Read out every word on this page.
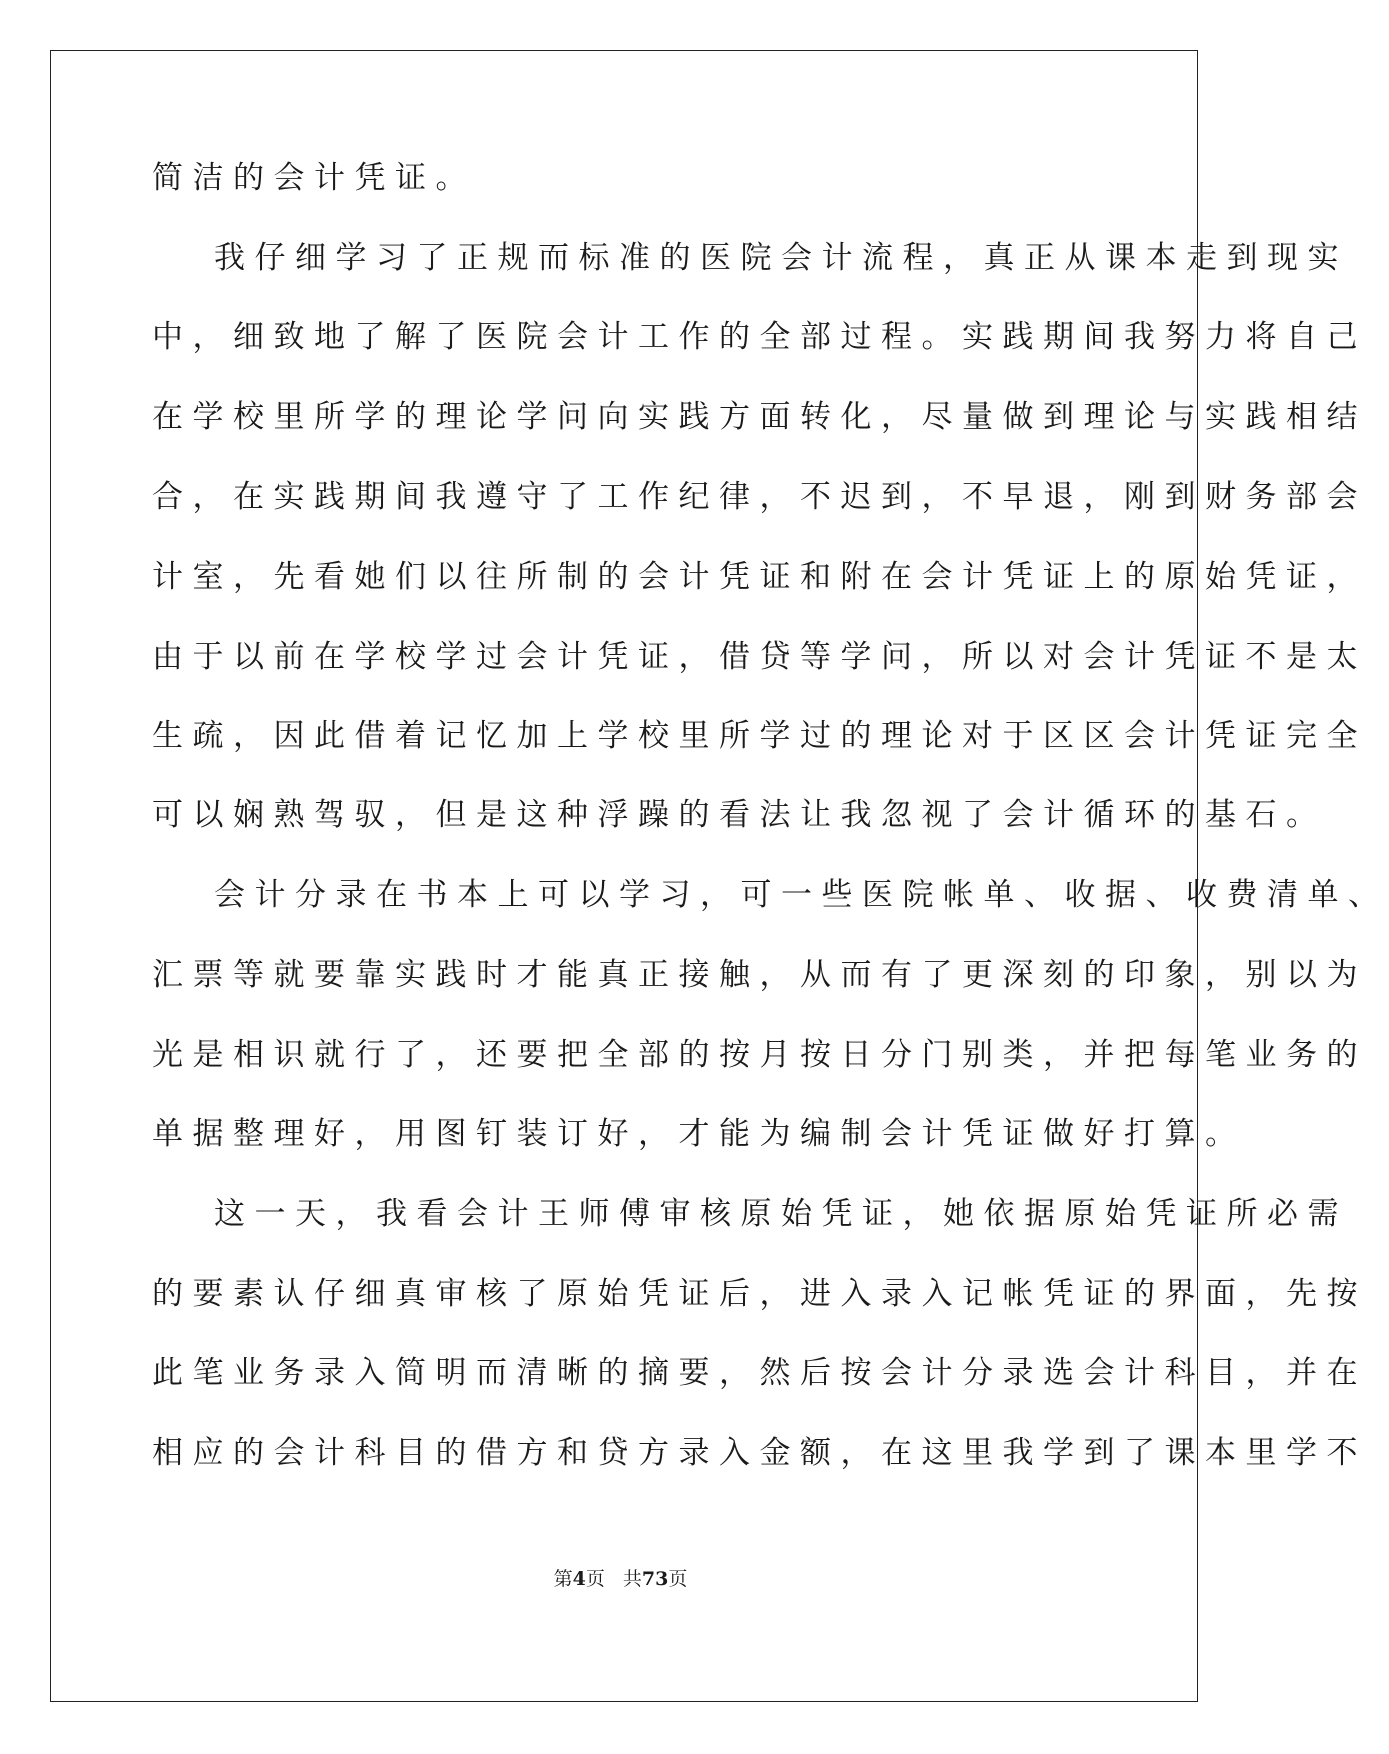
简洁的会计凭证。
我仔细学习了正规而标准的医院会计流程，真正从课本走到现实
中，细致地了解了医院会计工作的全部过程。实践期间我努力将自己
在学校里所学的理论学问向实践方面转化，尽量做到理论与实践相结
合，在实践期间我遵守了工作纪律，不迟到，不早退，刚到财务部会
计室，先看她们以往所制的会计凭证和附在会计凭证上的原始凭证，
由于以前在学校学过会计凭证，借贷等学问，所以对会计凭证不是太
生疏，因此借着记忆加上学校里所学过的理论对于区区会计凭证完全
可以娴熟驾驭，但是这种浮躁的看法让我忽视了会计循环的基石。
会计分录在书本上可以学习，可一些医院帐单、收据、收费清单、
汇票等就要靠实践时才能真正接触，从而有了更深刻的印象，别以为
光是相识就行了，还要把全部的按月按日分门别类，并把每笔业务的
单据整理好，用图钉装订好，才能为编制会计凭证做好打算。
这一天，我看会计王师傅审核原始凭证，她依据原始凭证所必需
的要素认仔细真审核了原始凭证后，进入录入记帐凭证的界面，先按
此笔业务录入简明而清晰的摘要，然后按会计分录选会计科目，并在
相应的会计科目的借方和贷方录入金额，在这里我学到了课本里学不
第4页 共73页
